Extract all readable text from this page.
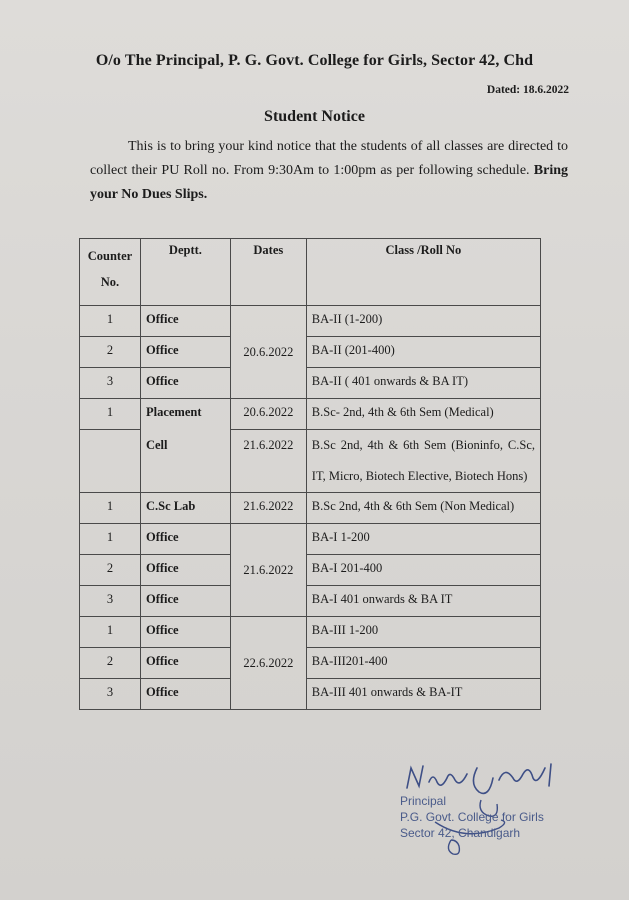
O/o The Principal, P. G. Govt. College for Girls, Sector 42, Chd
Dated: 18.6.2022
Student Notice
This is to bring your kind notice that the students of all classes are directed to collect their PU Roll no. From 9:30Am to 1:00pm as per following schedule. Bring your No Dues Slips.
Counter No.	Deptt.	Dates	Class /Roll No
1	Office	20.6.2022	BA-II (1-200)
2	Office		BA-II (201-400)
3	Office		BA-II ( 401 onwards & BA IT)
1	Placement	20.6.2022	B.Sc- 2nd, 4th & 6th Sem (Medical)
	Cell	21.6.2022	B.Sc 2nd, 4th & 6th Sem (Bioninfo, C.Sc, IT, Micro, Biotech Elective, Biotech Hons)
1	C.Sc Lab	21.6.2022	B.Sc 2nd, 4th & 6th Sem (Non Medical)
1	Office	21.6.2022	BA-I 1-200
2	Office		BA-I 201-400
3	Office		BA-I 401 onwards & BA IT
1	Office	22.6.2022	BA-III 1-200
2	Office		BA-III201-400
3	Office		BA-III 401 onwards & BA-IT
Principal
P.G. Govt. College for Girls
Sector 42, Chandigarh
